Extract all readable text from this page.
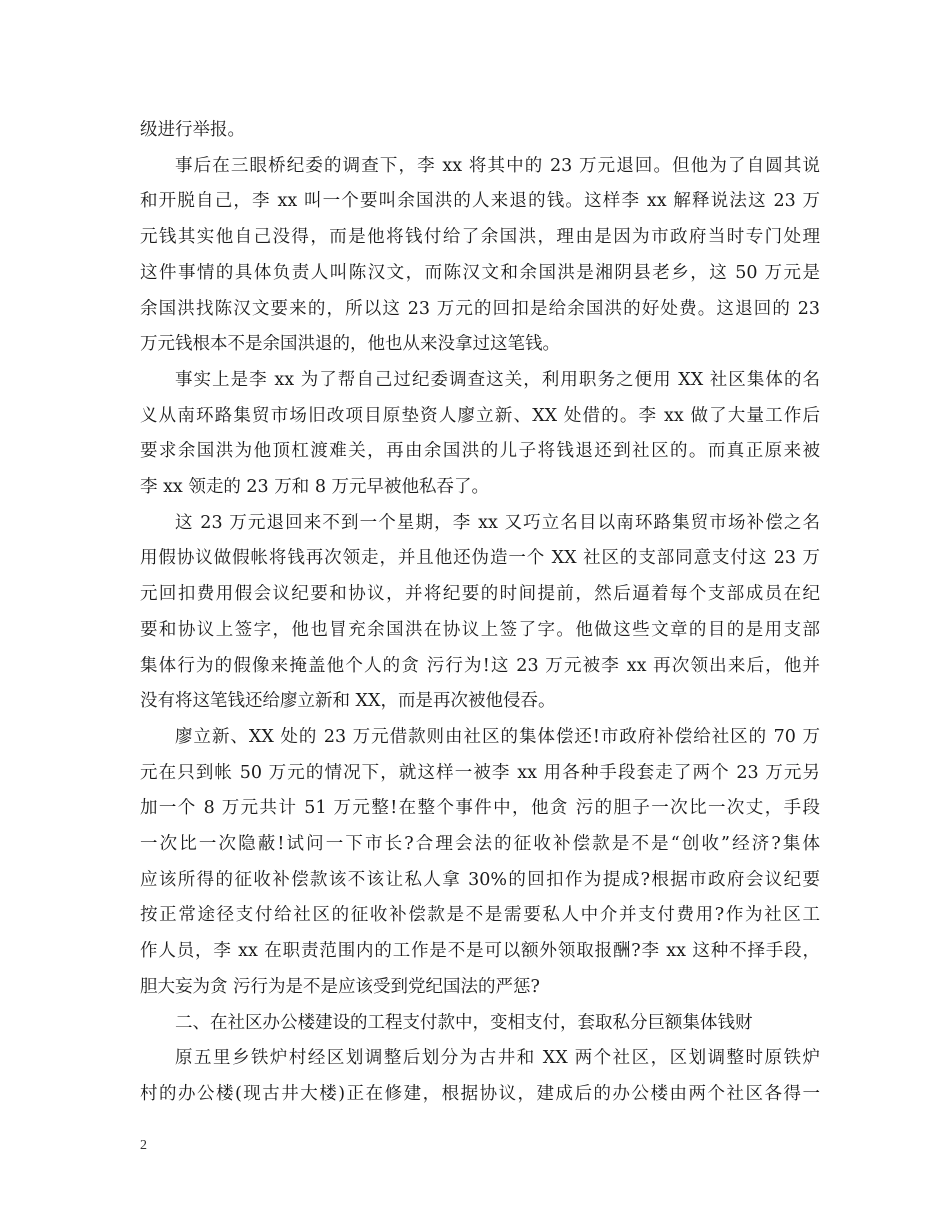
级进行举报。
事后在三眼桥纪委的调查下，李 xx 将其中的 23 万元退回。但他为了自圆其说
和开脱自己，李 xx 叫一个要叫余国洪的人来退的钱。这样李 xx 解释说法这 23 万
元钱其实他自己没得，而是他将钱付给了余国洪，理由是因为市政府当时专门处理
这件事情的具体负责人叫陈汉文，而陈汉文和余国洪是湘阴县老乡，这 50 万元是
余国洪找陈汉文要来的，所以这 23 万元的回扣是给余国洪的好处费。这退回的 23
万元钱根本不是余国洪退的，他也从来没拿过这笔钱。
事实上是李 xx 为了帮自己过纪委调查这关，利用职务之便用 XX 社区集体的名
义从南环路集贸市场旧改项目原垫资人廖立新、XX 处借的。李 xx 做了大量工作后
要求余国洪为他顶杠渡难关，再由余国洪的儿子将钱退还到社区的。而真正原来被
李 xx 领走的 23 万和 8 万元早被他私吞了。
这 23 万元退回来不到一个星期，李 xx 又巧立名目以南环路集贸市场补偿之名
用假协议做假帐将钱再次领走，并且他还伪造一个 XX 社区的支部同意支付这 23 万
元回扣费用假会议纪要和协议，并将纪要的时间提前，然后逼着每个支部成员在纪
要和协议上签字，他也冒充余国洪在协议上签了字。他做这些文章的目的是用支部
集体行为的假像来掩盖他个人的贪 污行为!这 23 万元被李 xx 再次领出来后，他并
没有将这笔钱还给廖立新和 XX，而是再次被他侵吞。
廖立新、XX 处的 23 万元借款则由社区的集体偿还!市政府补偿给社区的 70 万
元在只到帐 50 万元的情况下，就这样一被李 xx 用各种手段套走了两个 23 万元另
加一个 8 万元共计 51 万元整!在整个事件中，他贪 污的胆子一次比一次丈，手段
一次比一次隐蔽!试问一下市长?合理会法的征收补偿款是不是“创收”经济?集体
应该所得的征收补偿款该不该让私人拿 30%的回扣作为提成?根据市政府会议纪要
按正常途径支付给社区的征收补偿款是不是需要私人中介并支付费用?作为社区工
作人员，李 xx 在职责范围内的工作是不是可以额外领取报酬?李 xx 这种不择手段，
胆大妄为贪 污行为是不是应该受到党纪国法的严惩?
二、在社区办公楼建设的工程支付款中，变相支付，套取私分巨额集体钱财
原五里乡铁炉村经区划调整后划分为古井和 XX 两个社区，区划调整时原铁炉
村的办公楼(现古井大楼)正在修建，根据协议，建成后的办公楼由两个社区各得一
2
